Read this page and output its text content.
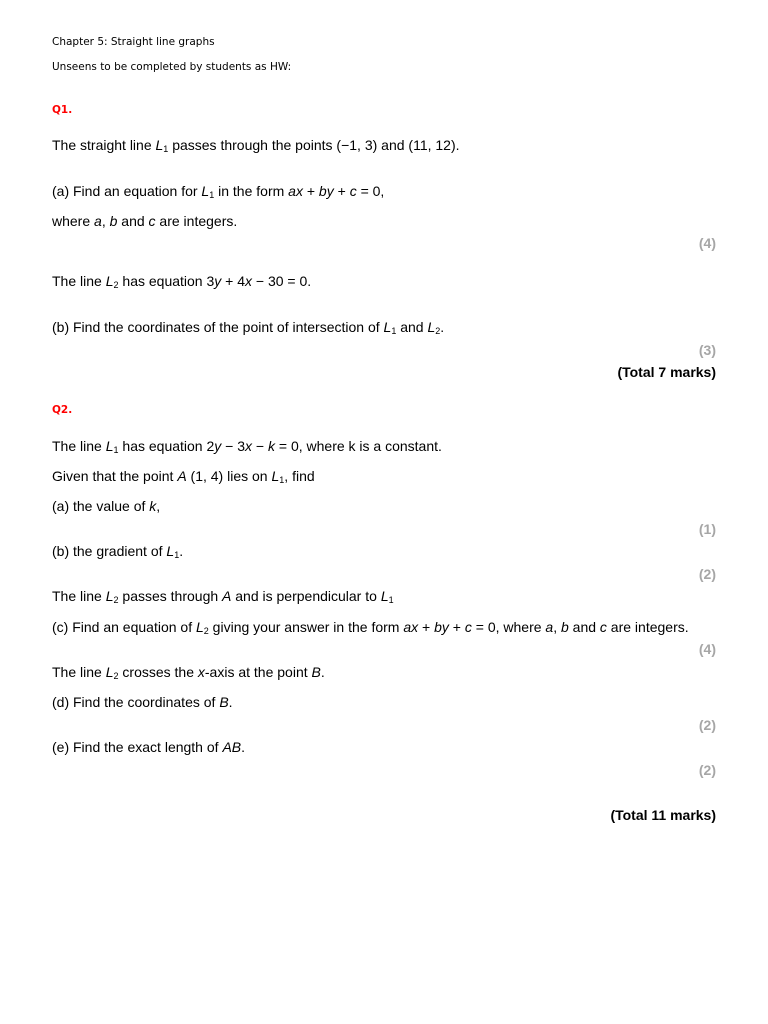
Chapter 5: Straight line graphs
Unseens to be completed by students as HW:
Q1.
The straight line $L_1$ passes through the points (−1, 3) and (11, 12).
(a) Find an equation for $L_1$ in the form ax + by + c = 0,
where a, b and c are integers.
(4)
The line $L_2$ has equation 3y + 4x − 30 = 0.
(b) Find the coordinates of the point of intersection of $L_1$ and $L_2$.
(3)
(Total 7 marks)
Q2.
The line $L_1$ has equation 2y − 3x − k = 0, where k is a constant.
Given that the point A (1, 4) lies on $L_1$, find
(a) the value of k,
(1)
(b) the gradient of $L_1$.
(2)
The line $L_2$ passes through A and is perpendicular to $L_1$
(c) Find an equation of $L_2$ giving your answer in the form ax + by + c = 0, where a, b and c are integers.
(4)
The line $L_2$ crosses the x-axis at the point B.
(d) Find the coordinates of B.
(2)
(e) Find the exact length of AB.
(2)
(Total 11 marks)
